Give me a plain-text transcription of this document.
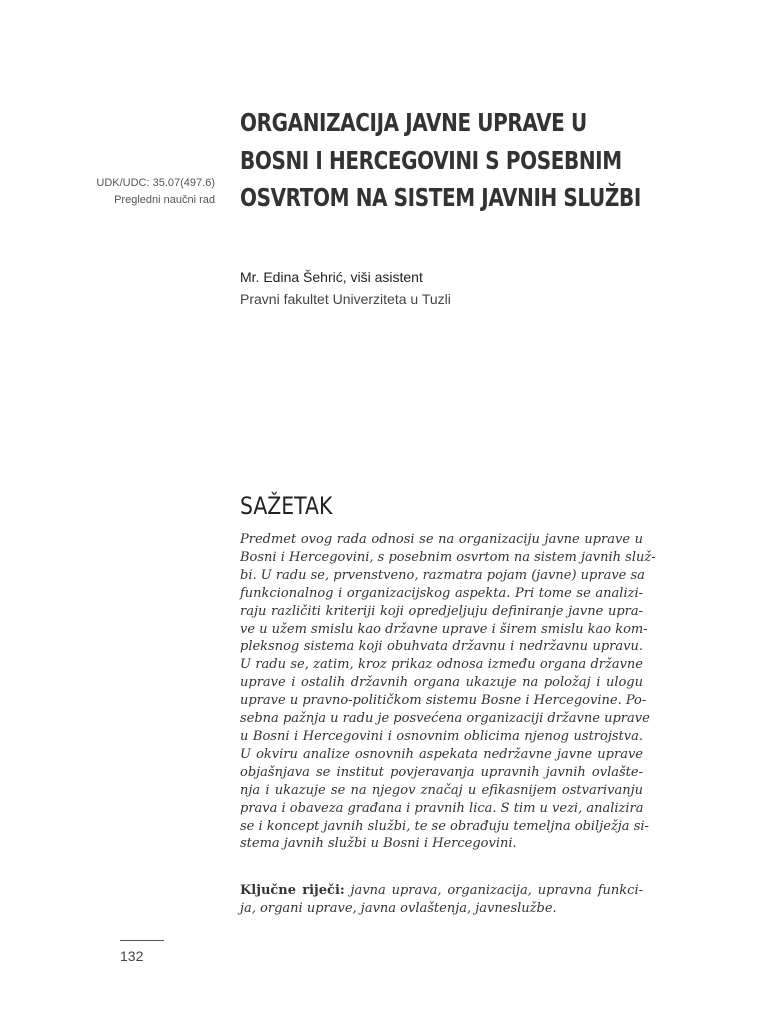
UDK/UDC: 35.07(497.6)
Pregledni naučni rad
ORGANIZACIJA JAVNE UPRAVE U
BOSNI I HERCEGOVINI S POSEBNIM
OSVRTOM NA SISTEM JAVNIH SLUŽBI
Mr. Edina Šehrić, viši asistent
Pravni fakultet Univerziteta u Tuzli
SAŽETAK
Predmet ovog rada odnosi se na organizaciju javne uprave u
Bosni i Hercegovini, s posebnim osvrtom na sistem javnih služ-
bi. U radu se, prvenstveno, razmatra pojam (javne) uprave sa
funkcionalnog i organizacijskog aspekta. Pri tome se analizi-
raju različiti kriteriji koji opredjeljuju definiranje javne upra-
ve u užem smislu kao državne uprave i širem smislu kao kom-
pleksnog sistema koji obuhvata državnu i nedržavnu upravu.
U radu se, zatim, kroz prikaz odnosa između organa državne
uprave i ostalih državnih organa ukazuje na položaj i ulogu
uprave u pravno-političkom sistemu Bosne i Hercegovine. Po-
sebna pažnja u radu je posvećena organizaciji državne uprave
u Bosni i Hercegovini i osnovnim oblicima njenog ustrojstva.
U okviru analize osnovnih aspekata nedržavne javne uprave
objašnjava se institut povjeravanja upravnih javnih ovlašte-
nja i ukazuje se na njegov značaj u efikasnijem ostvarivanju
prava i obaveza građana i pravnih lica. S tim u vezi, analizira
se i koncept javnih službi, te se obrađuju temeljna obilježja si-
stema javnih službi u Bosni i Hercegovini.
Ključne riječi: javna uprava, organizacija, upravna funkci-
ja, organi uprave, javna ovlaštenja, javneslužbe.
132
